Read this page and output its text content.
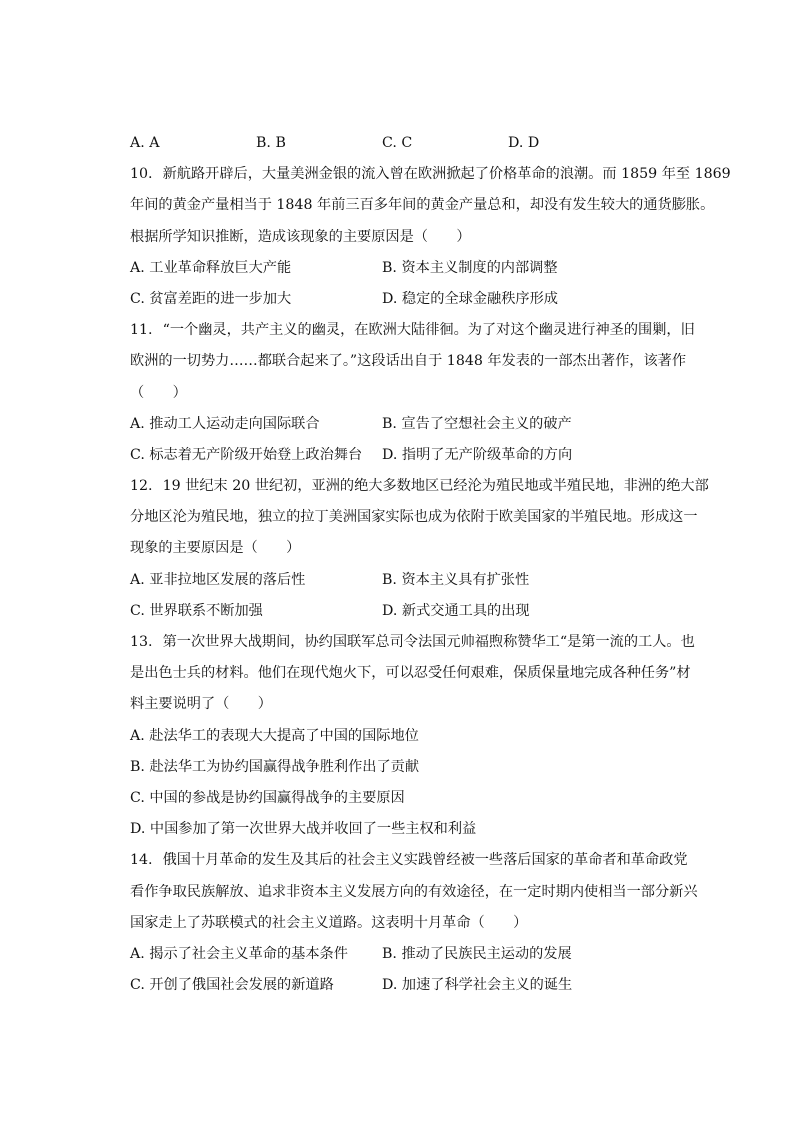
A. A	B. B	C. C	D. D
10. 新航路开辟后，大量美洲金银的流入曾在欧洲掀起了价格革命的浪潮。而 1859 年至 1869
年间的黄金产量相当于 1848 年前三百多年间的黄金产量总和，却没有发生较大的通货膨胀。
根据所学知识推断，造成该现象的主要原因是（　　）
A. 工业革命释放巨大产能	B. 资本主义制度的内部调整
C. 贫富差距的进一步加大	D. 稳定的全球金融秩序形成
11. “一个幽灵，共产主义的幽灵，在欧洲大陆徘徊。为了对这个幽灵进行神圣的围剿，旧
欧洲的一切势力……都联合起来了。”这段话出自于 1848 年发表的一部杰出著作，该著作
（　　）
A. 推动工人运动走向国际联合	B. 宣告了空想社会主义的破产
C. 标志着无产阶级开始登上政治舞台	D. 指明了无产阶级革命的方向
12. 19 世纪末 20 世纪初，亚洲的绝大多数地区已经沦为殖民地或半殖民地，非洲的绝大部
分地区沦为殖民地，独立的拉丁美洲国家实际也成为依附于欧美国家的半殖民地。形成这一
现象的主要原因是（　　）
A. 亚非拉地区发展的落后性	B. 资本主义具有扩张性
C. 世界联系不断加强	D. 新式交通工具的出现
13. 第一次世界大战期间，协约国联军总司令法国元帅福煦称赞华工“是第一流的工人。也
是出色士兵的材料。他们在现代炮火下，可以忍受任何艰难，保质保量地完成各种任务”材
料主要说明了（　　）
A. 赴法华工的表现大大提高了中国的国际地位
B. 赴法华工为协约国赢得战争胜利作出了贡献
C. 中国的参战是协约国赢得战争的主要原因
D. 中国参加了第一次世界大战并收回了一些主权和利益
14. 俄国十月革命的发生及其后的社会主义实践曾经被一些落后国家的革命者和革命政党
看作争取民族解放、追求非资本主义发展方向的有效途径，在一定时期内使相当一部分新兴
国家走上了苏联模式的社会主义道路。这表明十月革命（　　）
A. 揭示了社会主义革命的基本条件	B. 推动了民族民主运动的发展
C. 开创了俄国社会发展的新道路	D. 加速了科学社会主义的诞生
